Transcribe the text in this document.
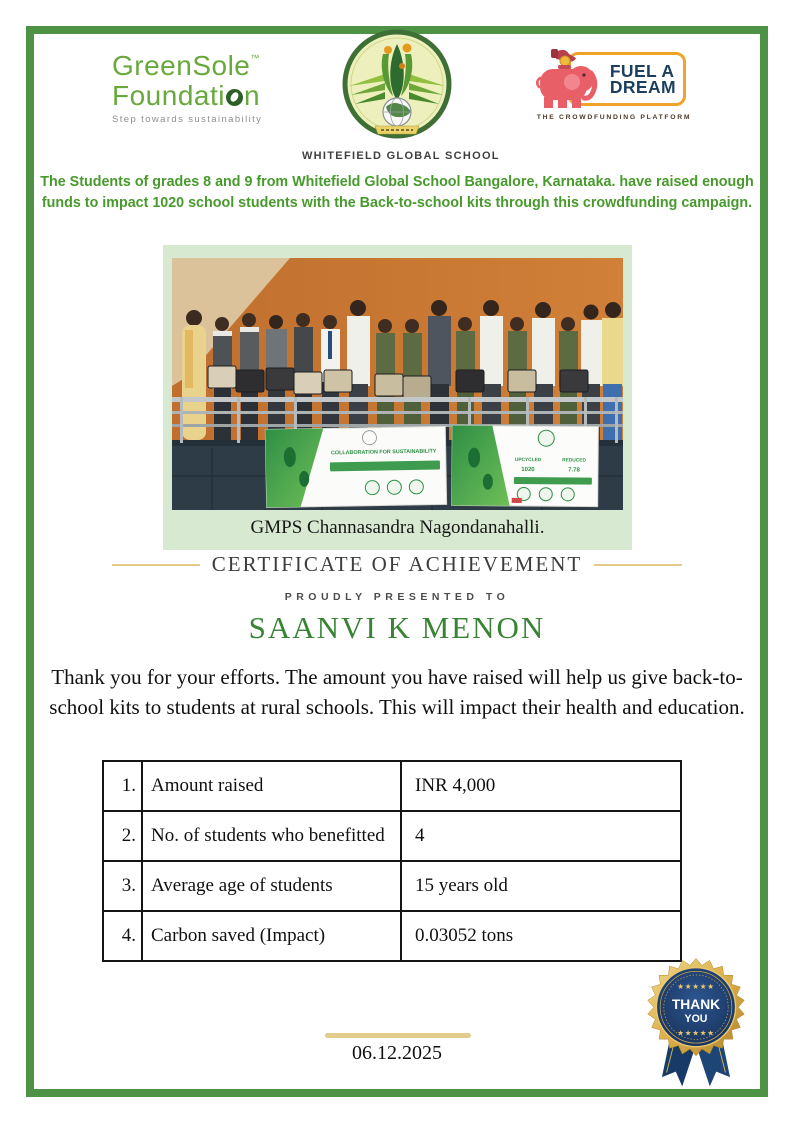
GreenSole™
F oundati n
Step towards sustainability
WHITEFIELD GLOBAL SCHOOL
FUEL A
DREAM
THE CROWDFUNDING PLATFORM
The Students of grades 8 and 9 from Whitefield Global School Bangalore, Karnataka. have raised enough funds to impact 1020 school students with the Back-to-school kits through this crowdfunding campaign.
COLLABORATION FOR SUSTAINABILITY
UPCYCLED	REDUCED
1020	7.78
GMPS Channasandra Nagondanahalli.
CERTIFICATE OF ACHIEVEMENT
PROUDLY PRESENTED TO
SAANVI K MENON
Thank you for your efforts. The amount you have raised will help us give back-to-school kits to students at rural schools. This will impact their health and education.
1. Amount raised	INR 4,000
2. No. of students who benefitted	4
3. Average age of students	15 years old
4. Carbon saved (Impact)	0.03052 tons
06.12.2025
★★★★★
THANK
YOU
★★★★★
